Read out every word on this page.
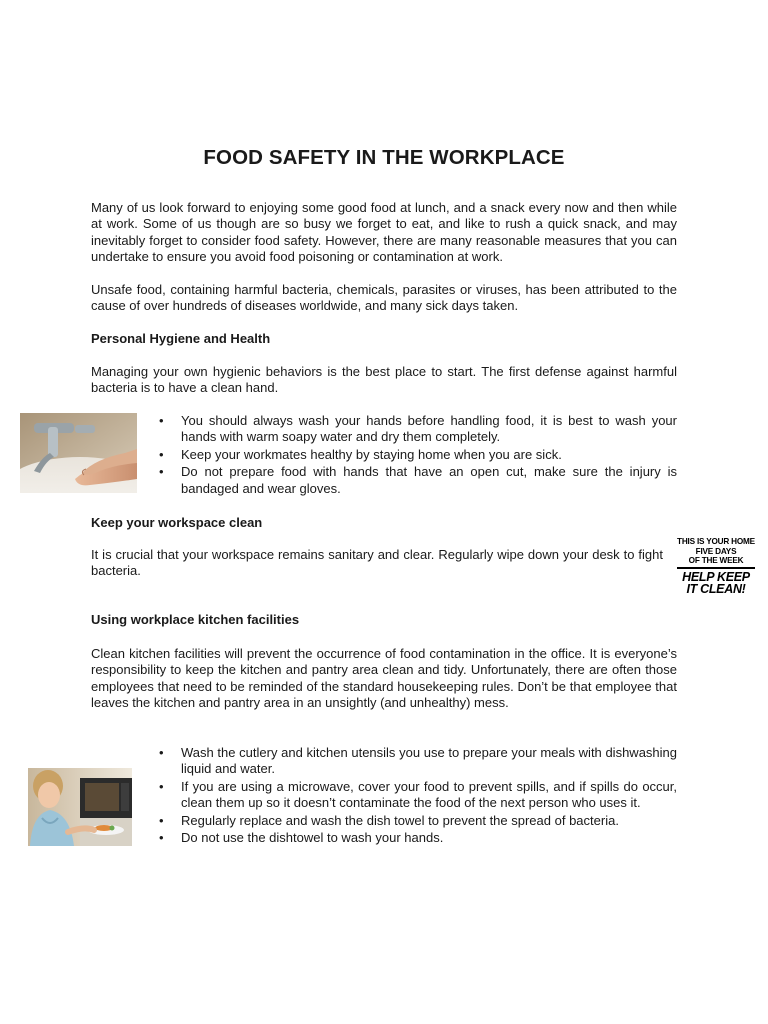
FOOD SAFETY IN THE WORKPLACE

Many of us look forward to enjoying some good food at lunch, and a snack every now and then while at work. Some of us though are so busy we forget to eat, and like to rush a quick snack, and may inevitably forget to consider food safety. However, there are many reasonable measures that you can undertake to ensure you avoid food poisoning or contamination at work.

Unsafe food, containing harmful bacteria, chemicals, parasites or viruses, has been attributed to the cause of over hundreds of diseases worldwide, and many sick days taken.

Personal Hygiene and Health

Managing your own hygienic behaviors is the best place to start. The first defense against harmful bacteria is to have a clean hand.

• You should always wash your hands before handling food, it is best to wash your hands with warm soapy water and dry them completely.
• Keep your workmates healthy by staying home when you are sick.
• Do not prepare food with hands that have an open cut, make sure the injury is bandaged and wear gloves.
Keep your workspace clean

It is crucial that your workspace remains sanitary and clear. Regularly wipe down your desk to fight bacteria.

THIS IS YOUR HOME
FIVE DAYS
OF THE WEEK
HELP KEEP
IT CLEAN!
Using workplace kitchen facilities

Clean kitchen facilities will prevent the occurrence of food contamination in the office. It is everyone’s responsibility to keep the kitchen and pantry area clean and tidy. Unfortunately, there are often those employees that need to be reminded of the standard housekeeping rules. Don’t be that employee that leaves the kitchen and pantry area in an unsightly (and unhealthy) mess.

• Wash the cutlery and kitchen utensils you use to prepare your meals with dishwashing liquid and water.
• If you are using a microwave, cover your food to prevent spills, and if spills do occur, clean them up so it doesn’t contaminate the food of the next person who uses it.
• Regularly replace and wash the dish towel to prevent the spread of bacteria.
• Do not use the dishtowel to wash your hands.
